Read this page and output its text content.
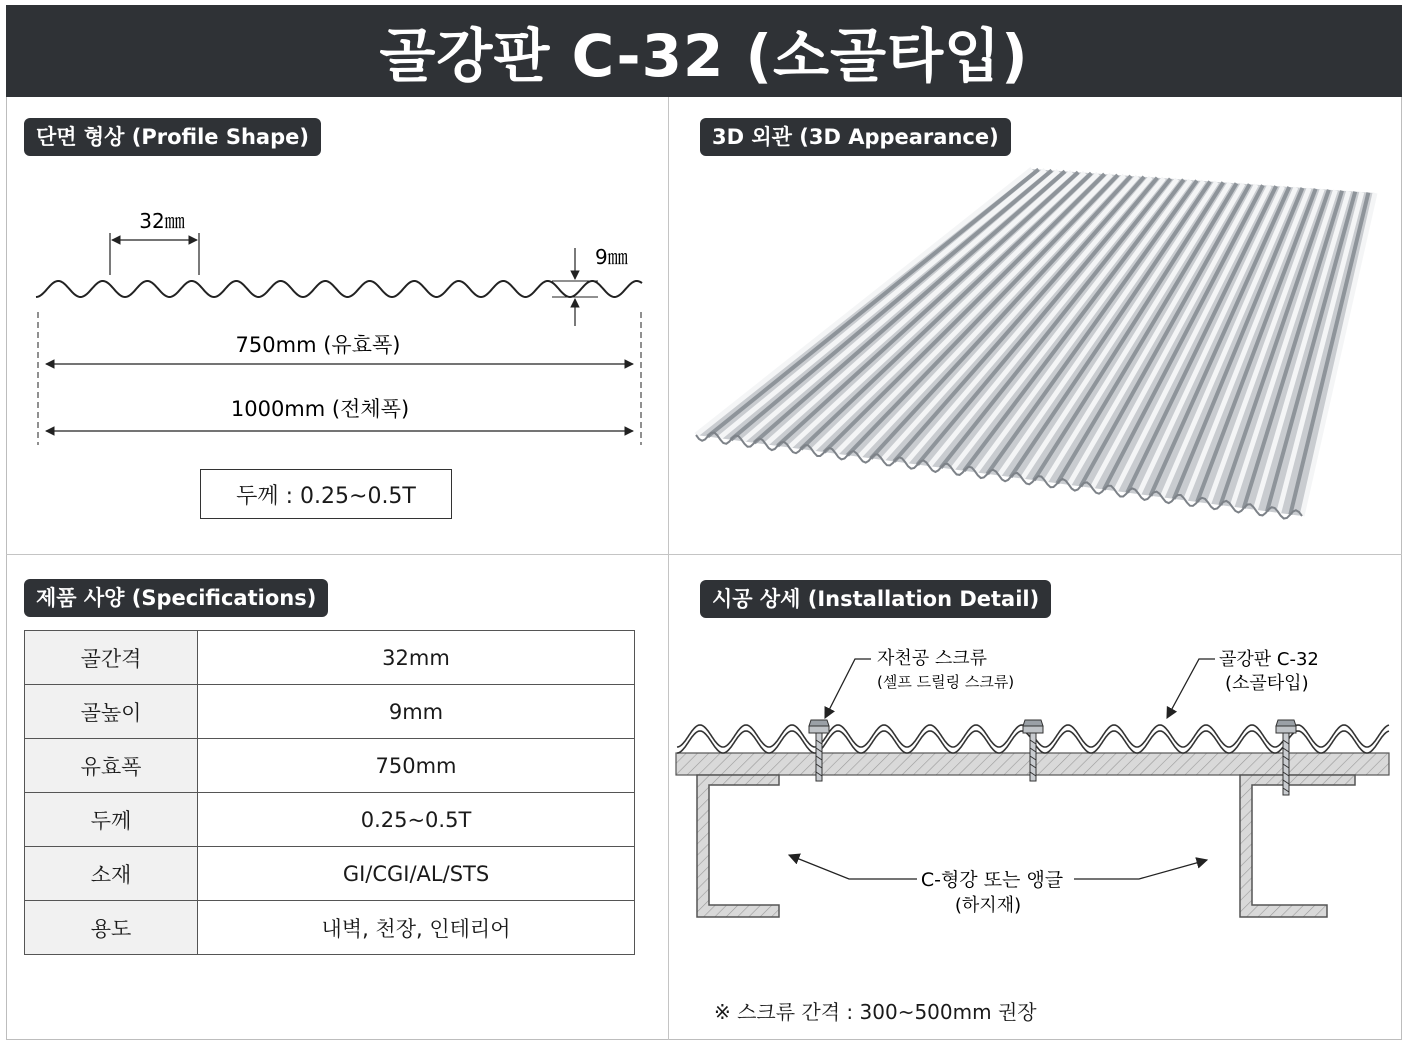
골강판 C-32 (소골타입)
단면 형상 (Profile Shape)	3D 외관 (3D Appearance)
제품 사양 (Specifications)	시공 상세 (Installation Detail)
32㎜
9㎜
750mm (유효폭)
1000mm (전체폭)
두께 : 0.25~0.5T
골간격	32mm
골높이	9mm
유효폭	750mm
두께	0.25~0.5T
소재	GI/CGI/AL/STS
용도	내벽, 천장, 인테리어
자천공 스크류
(셀프 드릴링 스크류)
골강판 C-32
(소골타입)
C-형강 또는 앵글
(하지재)
※ 스크류 간격 : 300~500mm 권장
